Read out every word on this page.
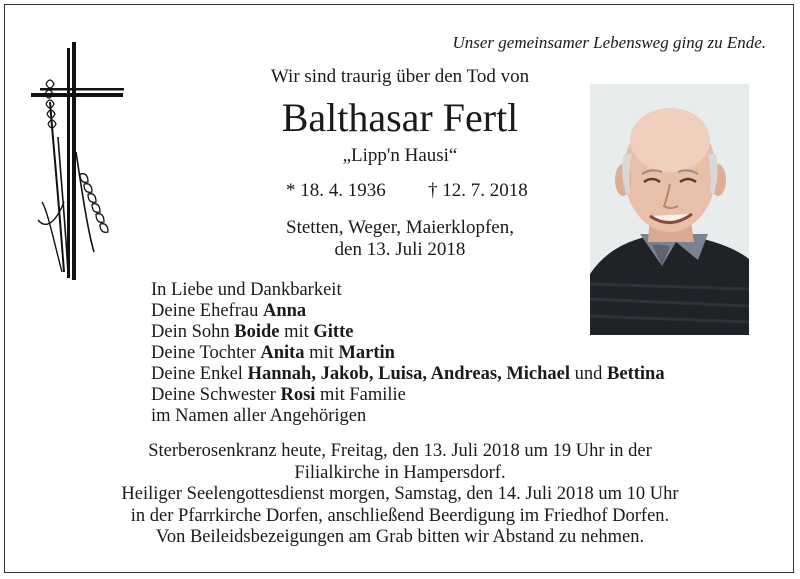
Unser gemeinsamer Lebensweg ging zu Ende.
Wir sind traurig über den Tod von
Balthasar Fertl
„Lipp'n Hausi“
* 18. 4. 1936 † 12. 7. 2018
Stetten, Weger, Maierklopfen,
den 13. Juli 2018
In Liebe und Dankbarkeit
Deine Ehefrau Anna
Dein Sohn Boide mit Gitte
Deine Tochter Anita mit Martin
Deine Enkel Hannah, Jakob, Luisa, Andreas, Michael und Bettina
Deine Schwester Rosi mit Familie
im Namen aller Angehörigen
Sterberosenkranz heute, Freitag, den 13. Juli 2018 um 19 Uhr in der
Filialkirche in Hampersdorf.
Heiliger Seelengottesdienst morgen, Samstag, den 14. Juli 2018 um 10 Uhr
in der Pfarrkirche Dorfen, anschließend Beerdigung im Friedhof Dorfen.
Von Beileidsbezeigungen am Grab bitten wir Abstand zu nehmen.
